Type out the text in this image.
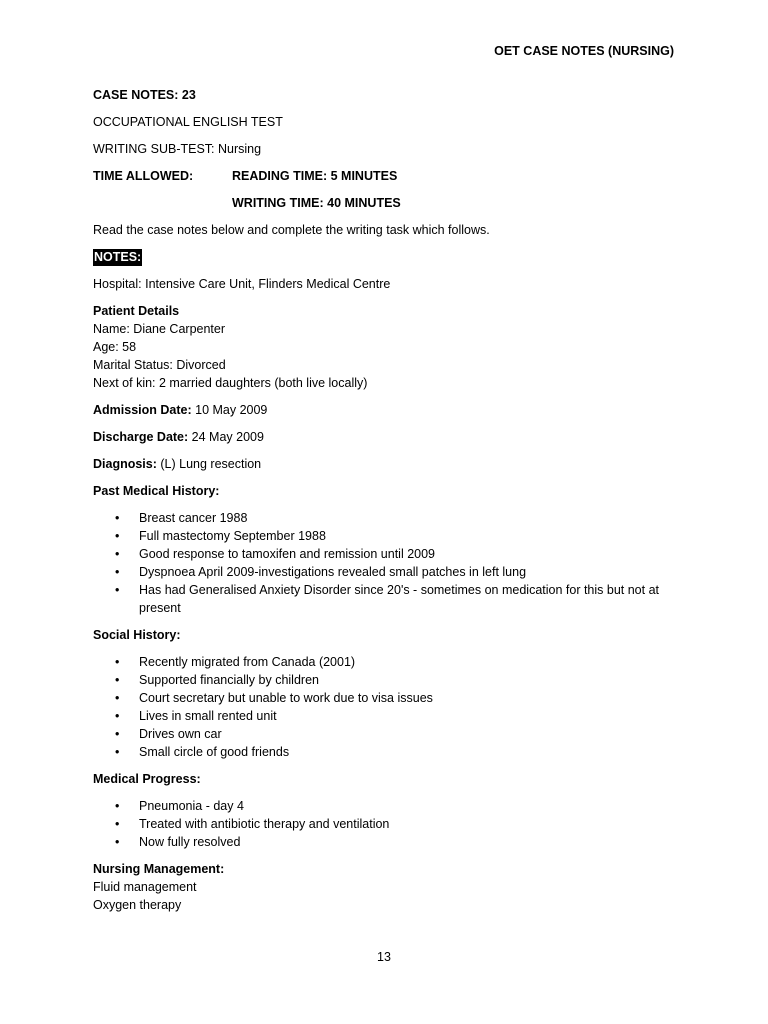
OET CASE NOTES (NURSING)

CASE NOTES: 23

OCCUPATIONAL ENGLISH TEST

WRITING SUB-TEST: Nursing

TIME ALLOWED:	READING TIME: 5 MINUTES

WRITING TIME: 40 MINUTES

Read the case notes below and complete the writing task which follows.

NOTES:

Hospital: Intensive Care Unit, Flinders Medical Centre

Patient Details

Name: Diane Carpenter

Age: 58

Marital Status: Divorced

Next of kin: 2 married daughters (both live locally)

Admission Date: 10 May 2009

Discharge Date: 24 May 2009

Diagnosis: (L) Lung resection

Past Medical History:

• Breast cancer 1988
• Full mastectomy September 1988
• Good response to tamoxifen and remission until 2009
• Dyspnoea April 2009-investigations revealed small patches in left lung
• Has had Generalised Anxiety Disorder since 20's - sometimes on medication for this but not at present

Social History:

• Recently migrated from Canada (2001)
• Supported financially by children
• Court secretary but unable to work due to visa issues
• Lives in small rented unit
• Drives own car
• Small circle of good friends

Medical Progress:

• Pneumonia - day 4
• Treated with antibiotic therapy and ventilation
• Now fully resolved

Nursing Management:

Fluid management

Oxygen therapy

13
